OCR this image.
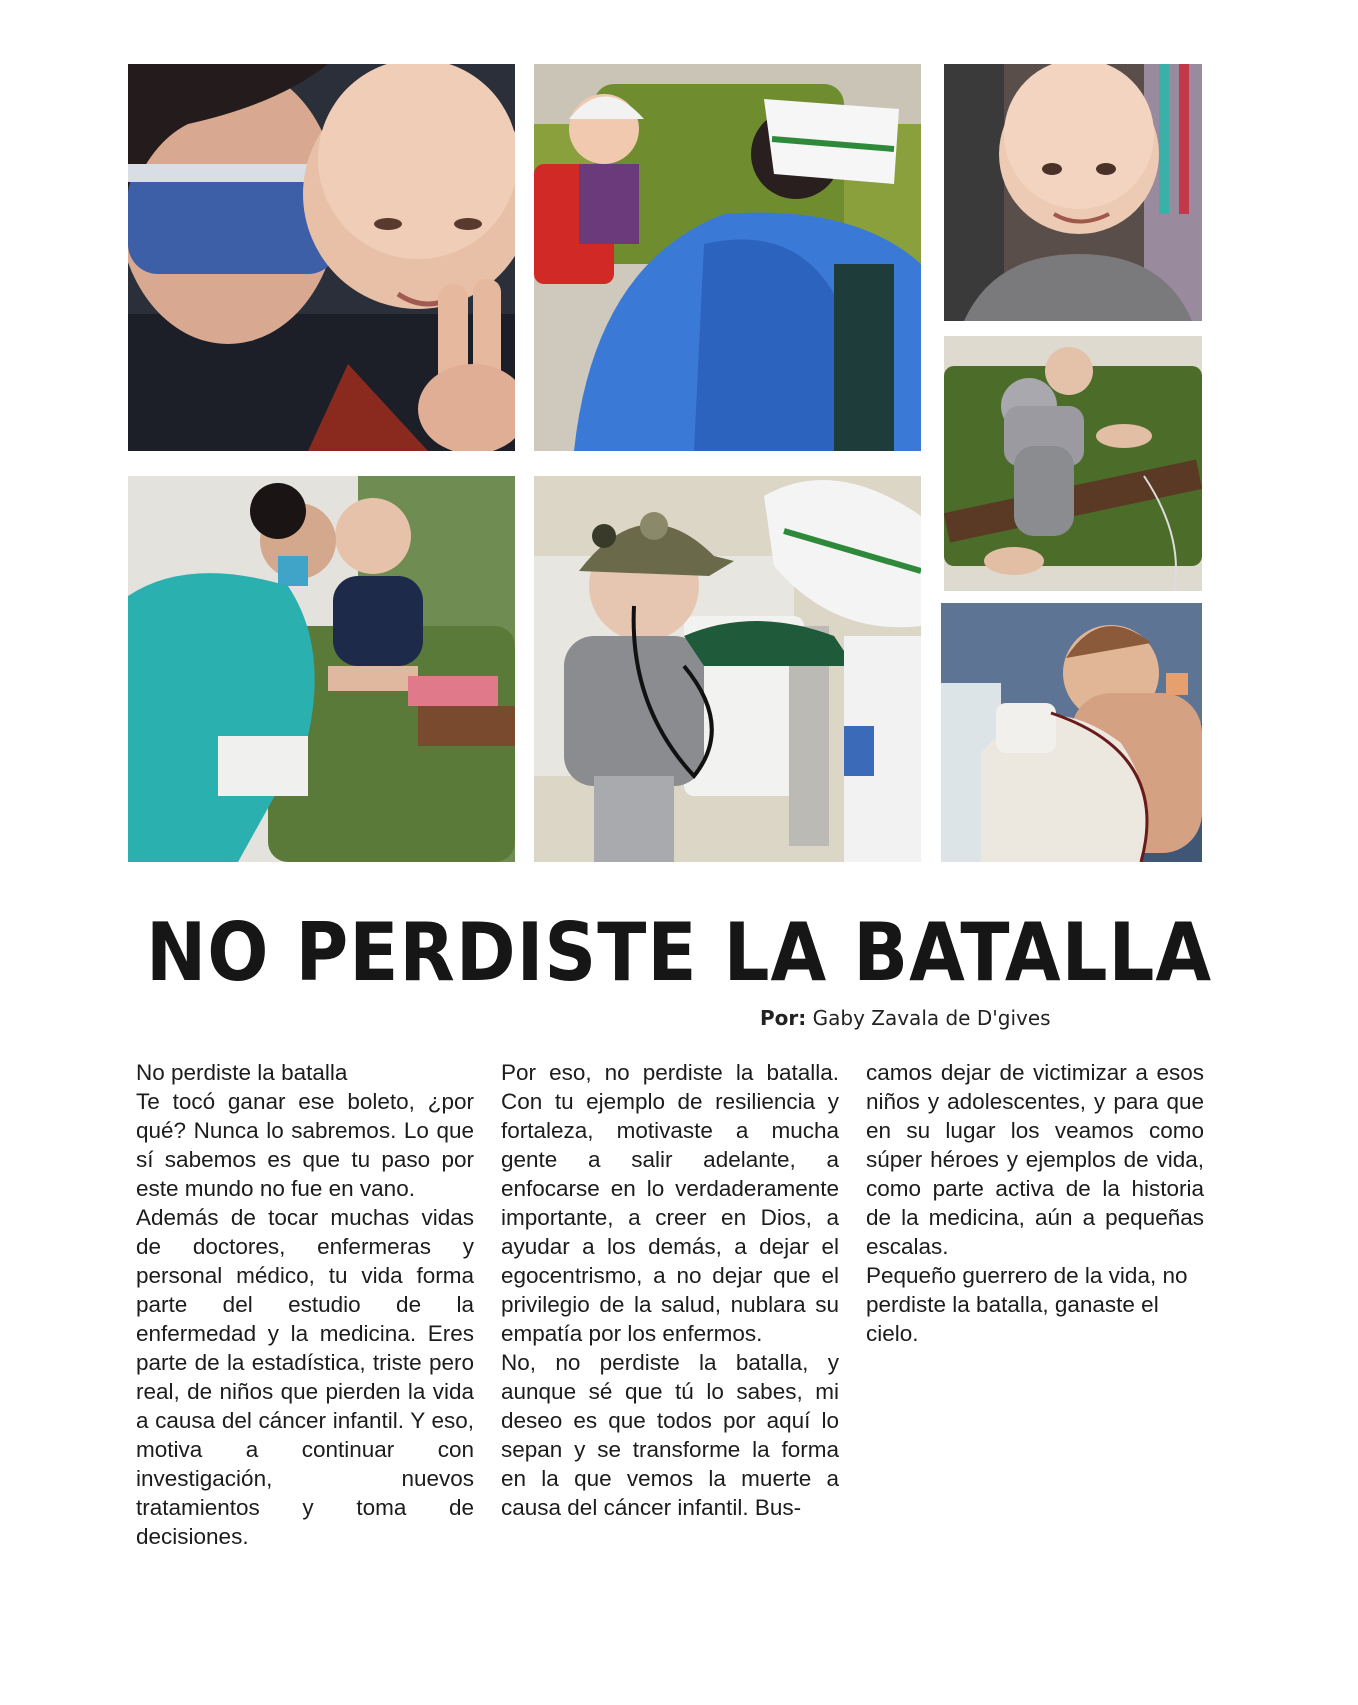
NO PERDISTE LA BATALLA
Por: Gaby Zavala de D'gives

No perdiste la batalla

Te tocó ganar ese boleto, ¿por qué? Nunca lo sabremos. Lo que sí sabemos es que tu paso por este mundo no fue en vano.

Además de tocar muchas vidas de doctores, enfermeras y personal médico, tu vida forma parte del estudio de la enfermedad y la medicina. Eres parte de la estadística, triste pero real, de niños que pierden la vida a causa del cáncer infantil. Y eso, motiva a continuar con investigación, nuevos tratamientos y toma de decisiones.

Por eso, no perdiste la batalla. Con tu ejemplo de resiliencia y fortaleza, motivaste a mucha gente a salir adelante, a enfocarse en lo verdaderamente importante, a creer en Dios, a ayudar a los demás, a dejar el egocentrismo, a no dejar que el privilegio de la salud, nublara su empatía por los enfermos.

No, no perdiste la batalla, y aunque sé que tú lo sabes, mi deseo es que todos por aquí lo sepan y se transforme la forma en la que vemos la muerte a causa del cáncer infantil. Bus-

camos dejar de victimizar a esos niños y adolescentes, y para que en su lugar los veamos como súper héroes y ejemplos de vida, como parte activa de la historia de la medicina, aún a pequeñas escalas.

Pequeño guerrero de la vida, no perdiste la batalla, ganaste el cielo.
